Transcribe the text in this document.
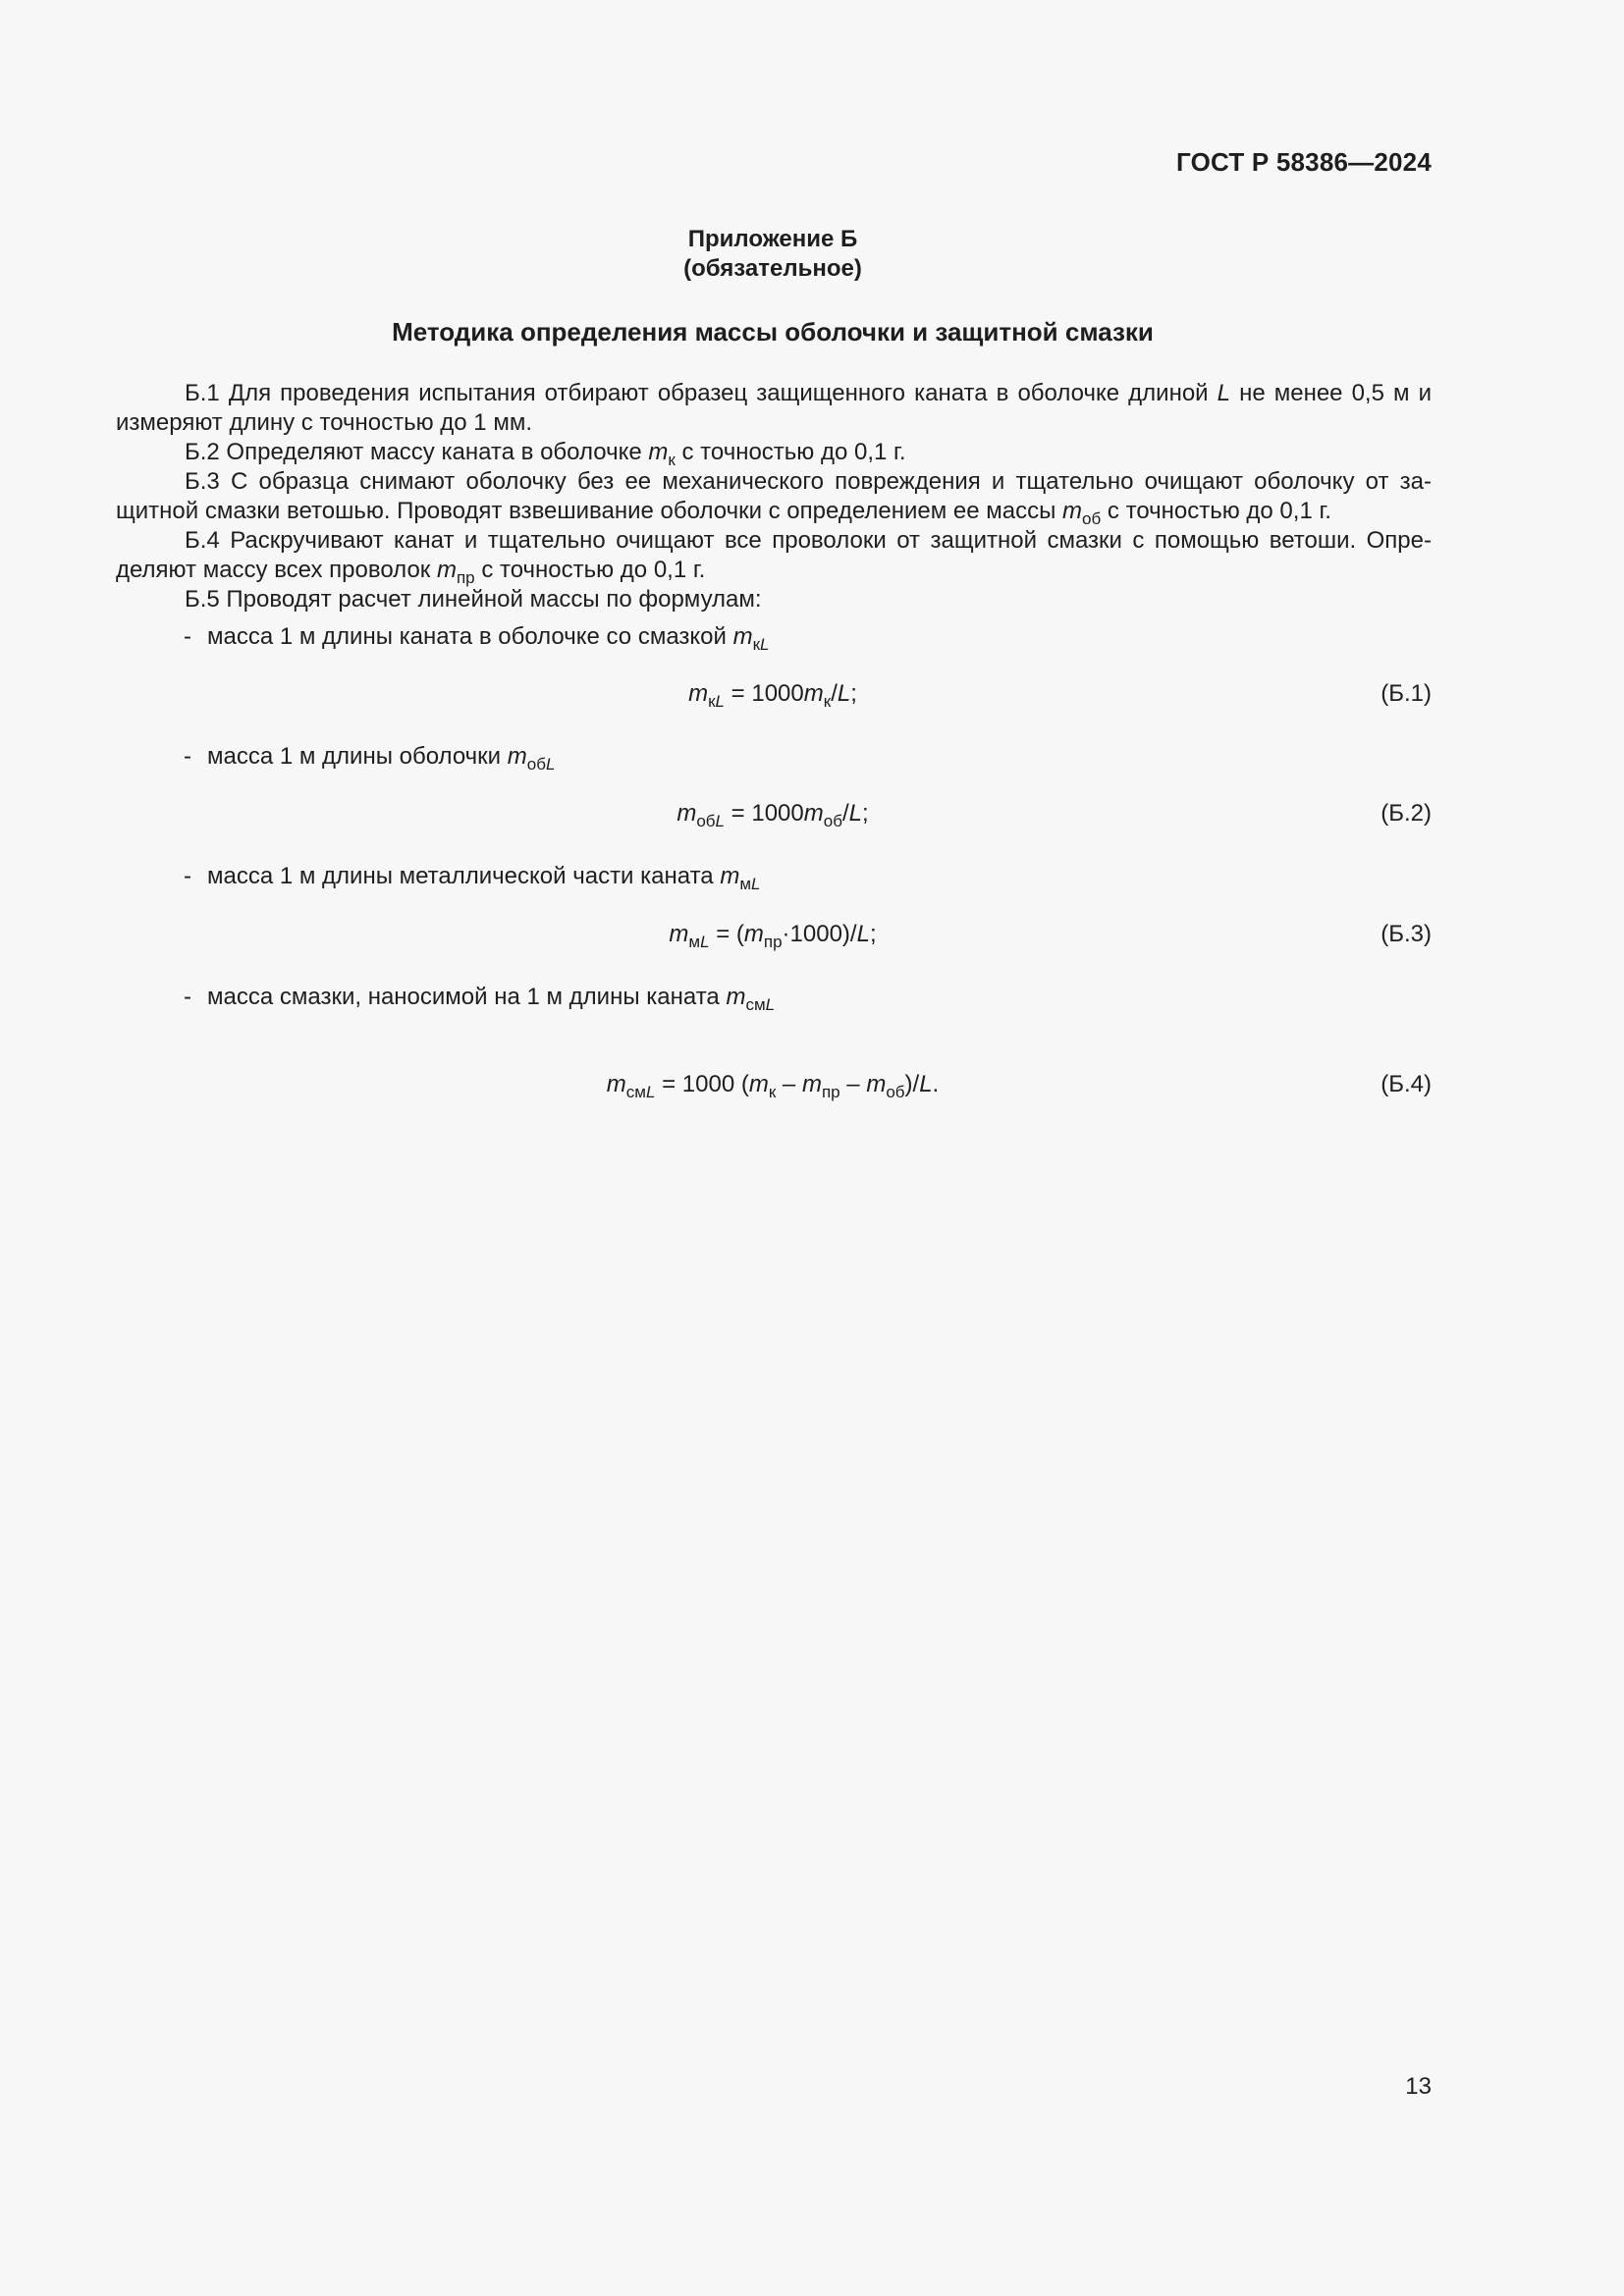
ГОСТ Р 58386—2024
Приложение Б
(обязательное)
Методика определения массы оболочки и защитной смазки

Б.1 Для проведения испытания отбирают образец защищенного каната в оболочке длиной L не менее 0,5 м и измеряют длину с точностью до 1 мм.

Б.2 Определяют массу каната в оболочке $m_к$ с точностью до 0,1 г.

Б.3 С образца снимают оболочку без ее механического повреждения и тщательно очищают оболочку от за-щитной смазки ветошью. Проводят взвешивание оболочки с определением ее массы $m_{об}$ с точностью до 0,1 г.

Б.4 Раскручивают канат и тщательно очищают все проволоки от защитной смазки с помощью ветоши. Опре-деляют массу всех проволок $m_{пр}$ с точностью до 0,1 г.

Б.5 Проводят расчет линейной массы по формулам:

- масса 1 м длины каната в оболочке со смазкой $m_{кL}$
$m_{кL} = 1000m_к/L$;	(Б.1)
- масса 1 м длины оболочки $m_{обL}$
$m_{обL} = 1000m_{об}/L$;	(Б.2)
- масса 1 м длины металлической части каната $m_{мL}$
$m_{мL} = (m_{пр}\cdot 1000)/L$;	(Б.3)
- масса смазки, наносимой на 1 м длины каната $m_{смL}$
$m_{смL} = 1000$ $(m_к - m_{пр} - m_{об})/L$.	(Б.4)
13
